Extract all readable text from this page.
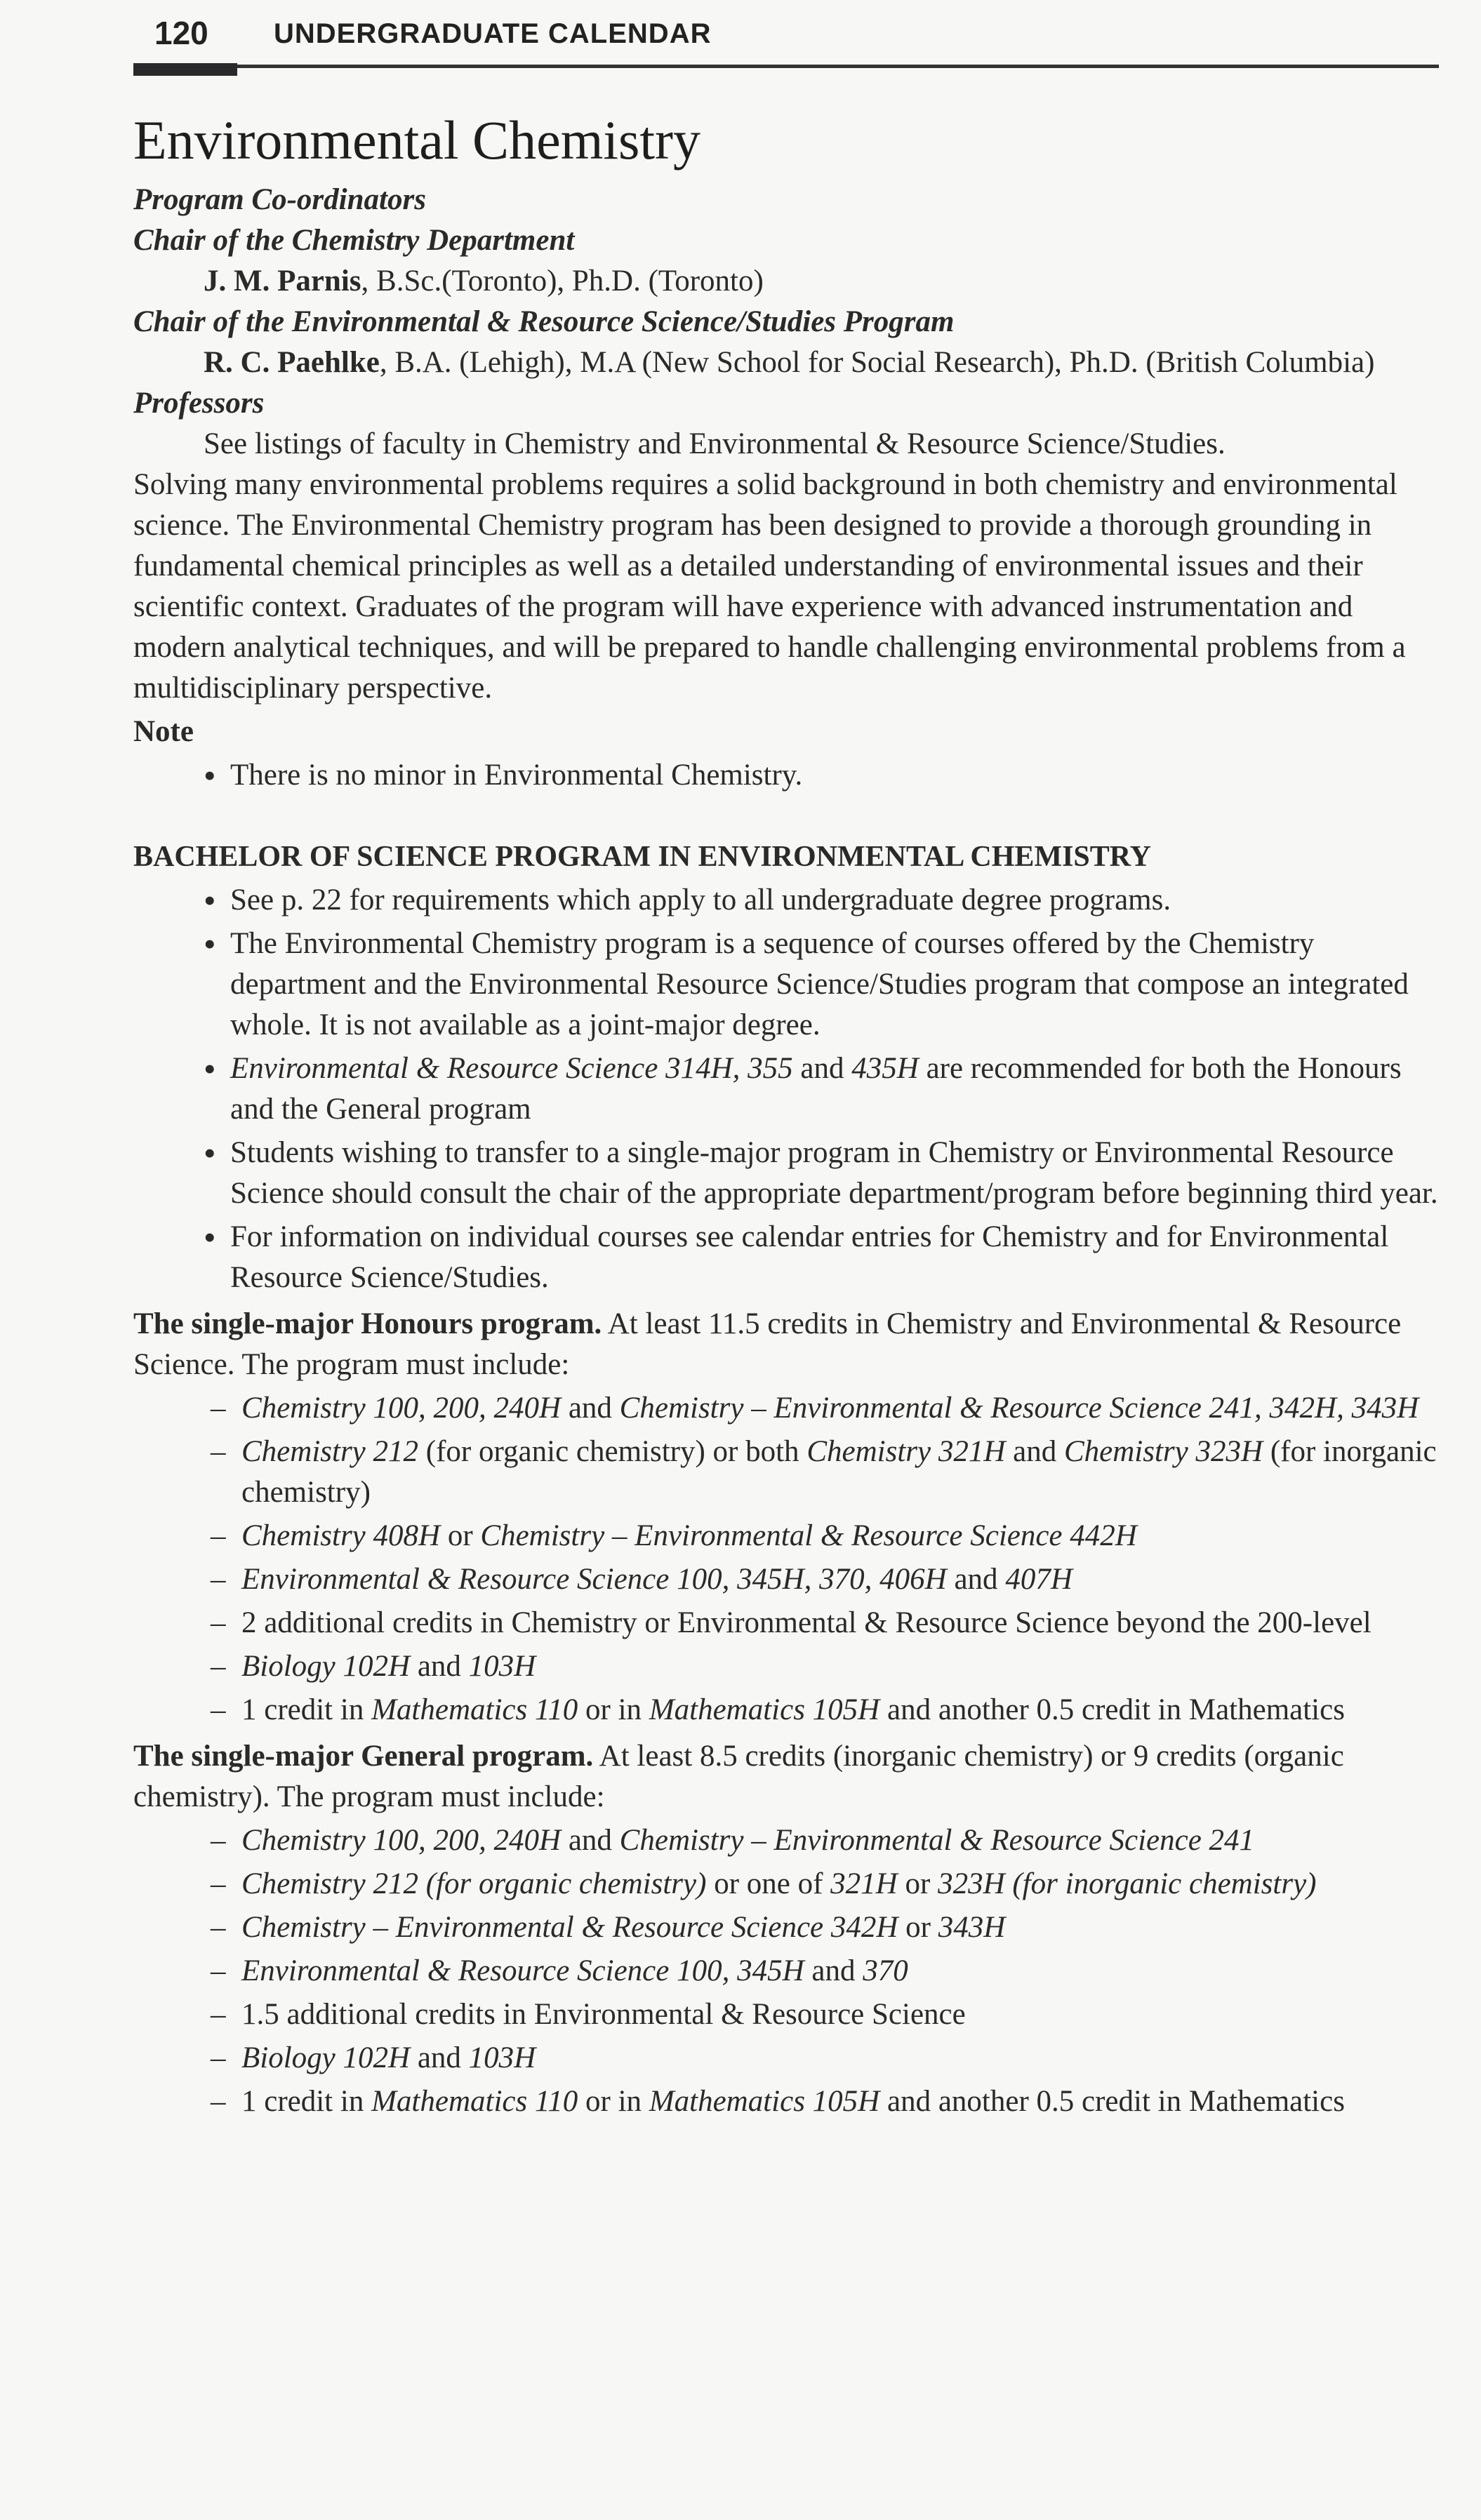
120 UNDERGRADUATE CALENDAR
Environmental Chemistry

Program Co-ordinators

Chair of the Chemistry Department

J. M. Parnis, B.Sc.(Toronto), Ph.D. (Toronto)

Chair of the Environmental & Resource Science/Studies Program

R. C. Paehlke, B.A. (Lehigh), M.A (New School for Social Research), Ph.D. (British Columbia)

Professors

See listings of faculty in Chemistry and Environmental & Resource Science/Studies.

Solving many environmental problems requires a solid background in both chemistry and environmental science. The Environmental Chemistry program has been designed to provide a thorough grounding in fundamental chemical principles as well as a detailed understanding of environmental issues and their scientific context. Graduates of the program will have experience with advanced instrumentation and modern analytical techniques, and will be prepared to handle challenging environmental problems from a multidisciplinary perspective.

Note

• There is no minor in Environmental Chemistry.

BACHELOR OF SCIENCE PROGRAM IN ENVIRONMENTAL CHEMISTRY

• See p. 22 for requirements which apply to all undergraduate degree programs.
• The Environmental Chemistry program is a sequence of courses offered by the Chemistry department and the Environmental Resource Science/Studies program that compose an integrated whole. It is not available as a joint-major degree.
• Environmental & Resource Science 314H, 355 and 435H are recommended for both the Honours and the General program
• Students wishing to transfer to a single-major program in Chemistry or Environmental Resource Science should consult the chair of the appropriate department/program before beginning third year.
• For information on individual courses see calendar entries for Chemistry and for Environmental Resource Science/Studies.

The single-major Honours program. At least 11.5 credits in Chemistry and Environmental & Resource Science. The program must include:

– Chemistry 100, 200, 240H and Chemistry – Environmental & Resource Science 241, 342H, 343H
– Chemistry 212 (for organic chemistry) or both Chemistry 321H and Chemistry 323H (for inorganic chemistry)
– Chemistry 408H or Chemistry – Environmental & Resource Science 442H
– Environmental & Resource Science 100, 345H, 370, 406H and 407H
– 2 additional credits in Chemistry or Environmental & Resource Science beyond the 200-level
– Biology 102H and 103H
– 1 credit in Mathematics 110 or in Mathematics 105H and another 0.5 credit in Mathematics

The single-major General program. At least 8.5 credits (inorganic chemistry) or 9 credits (organic chemistry). The program must include:

– Chemistry 100, 200, 240H and Chemistry – Environmental & Resource Science 241
– Chemistry 212 (for organic chemistry) or one of 321H or 323H (for inorganic chemistry)
– Chemistry – Environmental & Resource Science 342H or 343H
– Environmental & Resource Science 100, 345H and 370
– 1.5 additional credits in Environmental & Resource Science
– Biology 102H and 103H
– 1 credit in Mathematics 110 or in Mathematics 105H and another 0.5 credit in Mathematics
